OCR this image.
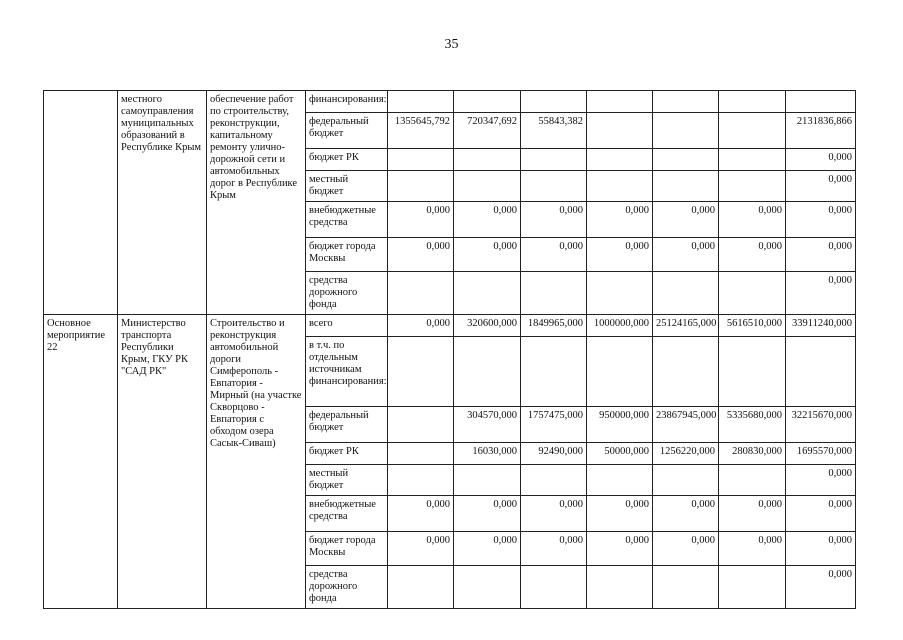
35
	местного самоуправления муниципальных образований в Республике Крым	обеспечение работ по строительству, реконструкции, капитальному ремонту улично-дорожной сети и автомобильных дорог в Республике Крым	финансирования:							
			федеральный бюджет	1355645,792	720347,692	55843,382				2131836,866
			бюджет РК							0,000
			местный бюджет							0,000
			внебюджетные средства	0,000	0,000	0,000	0,000	0,000	0,000	0,000
			бюджет города Москвы	0,000	0,000	0,000	0,000	0,000	0,000	0,000
			средства дорожного фонда							0,000
Основное мероприятие 22	Министерство транспорта Республики Крым, ГКУ РК "САД РК"	Строительство и реконструкция автомобильной дороги Симферополь - Евпатория - Мирный (на участке Скворцово - Евпатория с обходом озера Сасык-Сиваш)	всего	0,000	320600,000	1849965,000	1000000,000	25124165,000	5616510,000	33911240,000
			в т.ч. по отдельным источникам финансирования:							
			федеральный бюджет		304570,000	1757475,000	950000,000	23867945,000	5335680,000	32215670,000
			бюджет РК		16030,000	92490,000	50000,000	1256220,000	280830,000	1695570,000
			местный бюджет							0,000
			внебюджетные средства	0,000	0,000	0,000	0,000	0,000	0,000	0,000
			бюджет города Москвы	0,000	0,000	0,000	0,000	0,000	0,000	0,000
			средства дорожного фонда							0,000
